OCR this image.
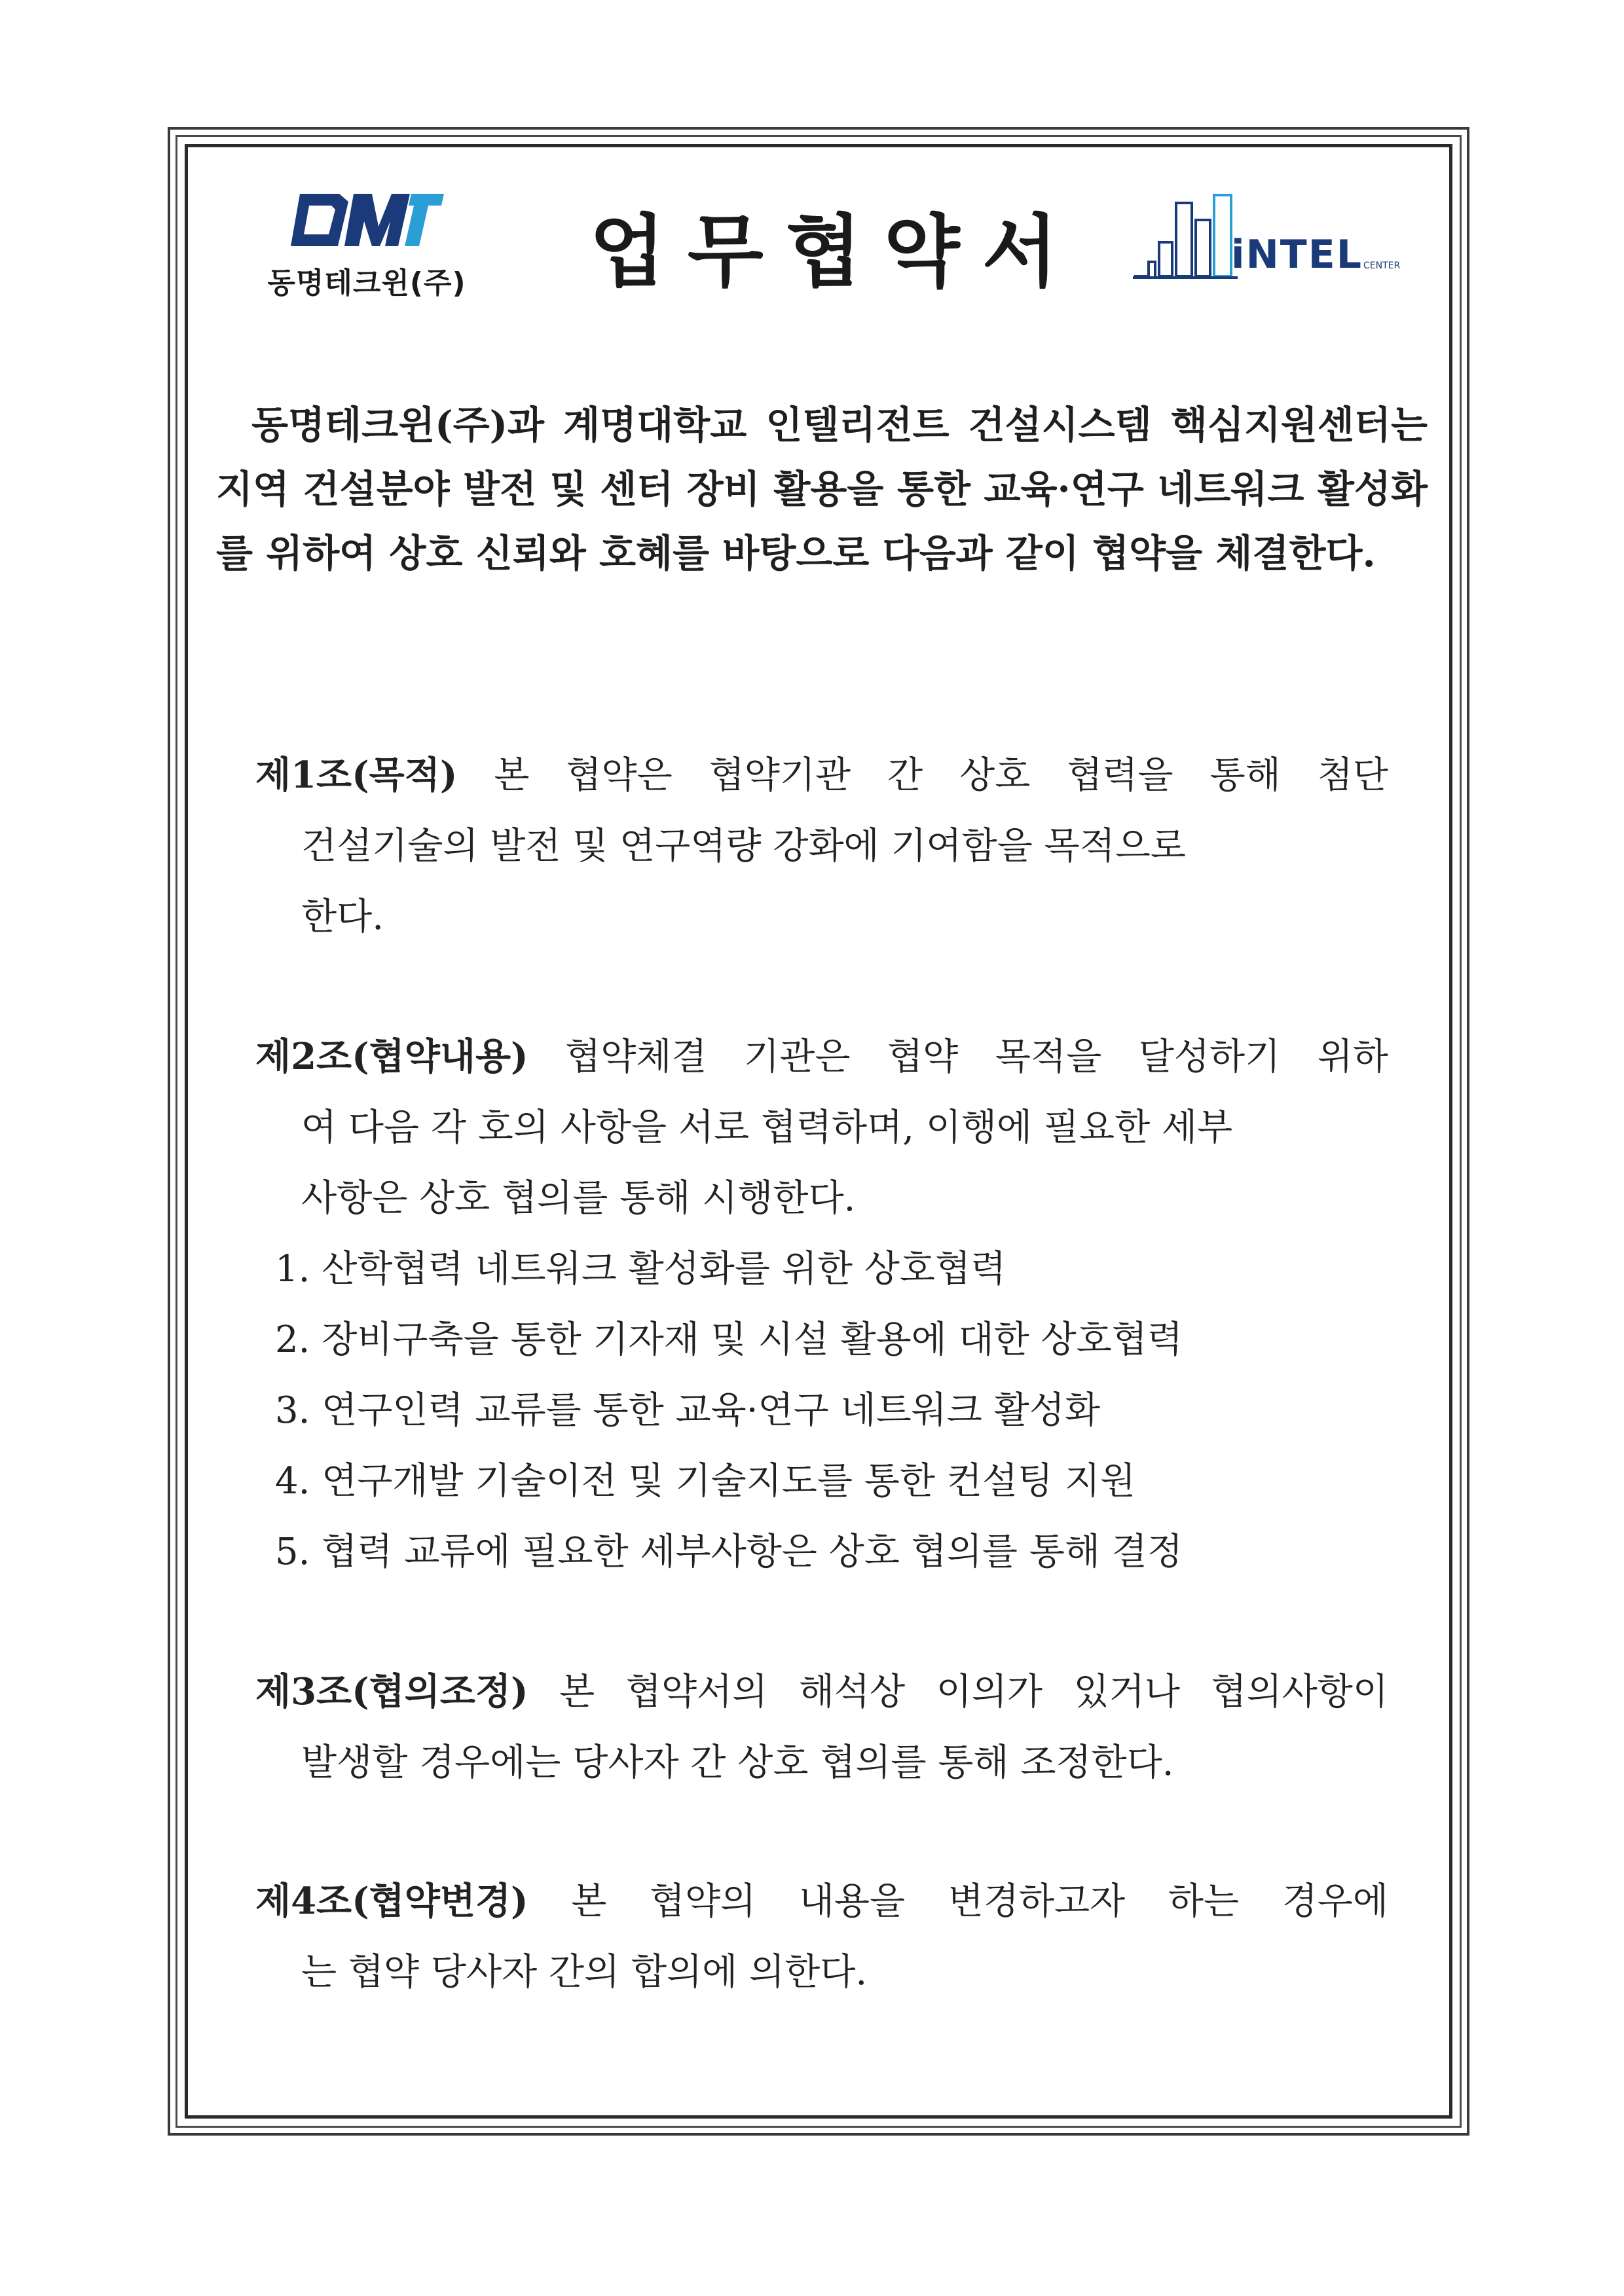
동명테크윈(주) 업무협약서	iNTEL CENTER
동명테크윈(주)과 계명대학교 인텔리전트 건설시스템 핵심지원센터는 지역 건설분야 발전 및 센터 장비 활용을 통한 교육·연구 네트워크 활성화를 위하여 상호 신뢰와 호혜를 바탕으로 다음과 같이 협약을 체결한다.
제1조(목적) 본 협약은 협약기관 간 상호 협력을 통해 첨단
건설기술의 발전 및 연구역량 강화에 기여함을 목적으로
한다.
제2조(협약내용) 협약체결 기관은 협약 목적을 달성하기 위하
여 다음 각 호의 사항을 서로 협력하며, 이행에 필요한 세부
사항은 상호 협의를 통해 시행한다.
1. 산학협력 네트워크 활성화를 위한 상호협력
2. 장비구축을 통한 기자재 및 시설 활용에 대한 상호협력
3. 연구인력 교류를 통한 교육·연구 네트워크 활성화
4. 연구개발 기술이전 및 기술지도를 통한 컨설팅 지원
5. 협력 교류에 필요한 세부사항은 상호 협의를 통해 결정
제3조(협의조정) 본 협약서의 해석상 이의가 있거나 협의사항이
발생할 경우에는 당사자 간 상호 협의를 통해 조정한다.
제4조(협약변경) 본 협약의 내용을 변경하고자 하는 경우에
는 협약 당사자 간의 합의에 의한다.
